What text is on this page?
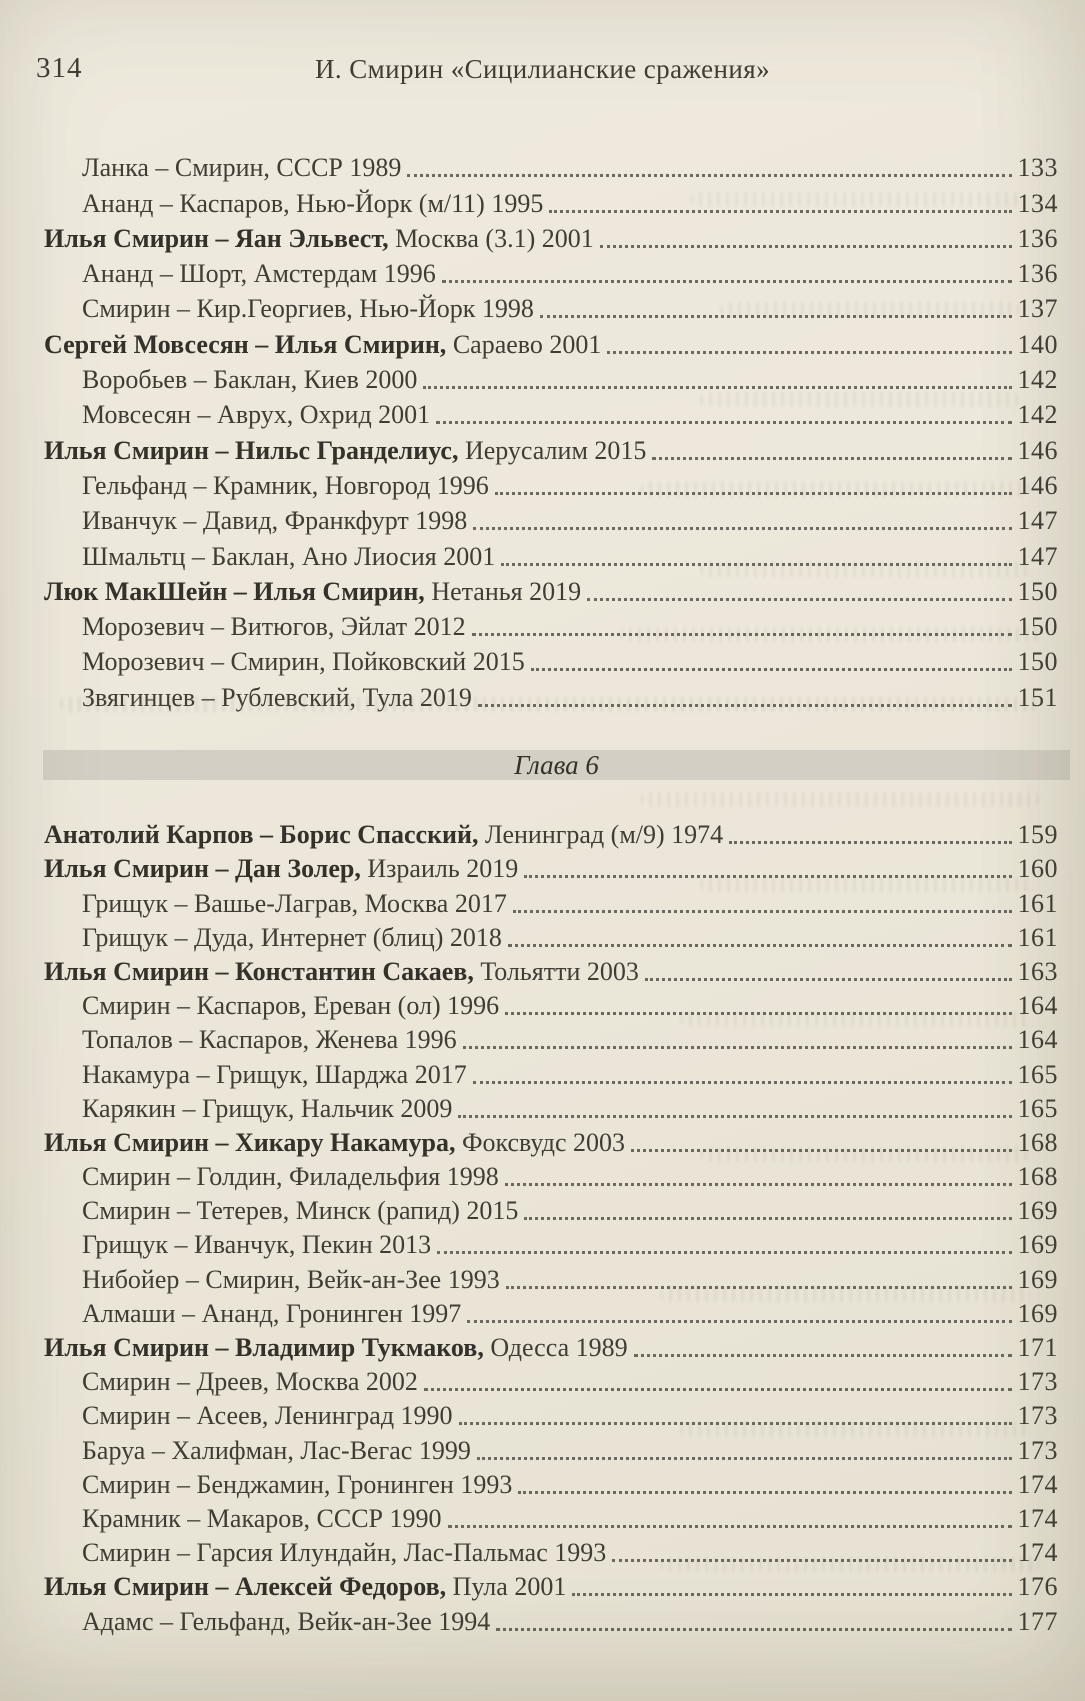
314	И. Смирин «Сицилианские сражения»
Ланка – Смирин, СССР 1989	133
Ананд – Каспаров, Нью-Йорк (м/11) 1995	134
Илья Смирин – Яан Эльвест, Москва (3.1) 2001	136
Ананд – Шорт, Амстердам 1996	136
Смирин – Кир.Георгиев, Нью-Йорк 1998	137
Сергей Мовсесян – Илья Смирин, Сараево 2001	140
Воробьев – Баклан, Киев 2000	142
Мовсесян – Аврух, Охрид 2001	142
Илья Смирин – Нильс Гранделиус, Иерусалим 2015	146
Гельфанд – Крамник, Новгород 1996	146
Иванчук – Давид, Франкфурт 1998	147
Шмальтц – Баклан, Ано Лиосия 2001	147
Люк МакШейн – Илья Смирин, Нетанья 2019	150
Морозевич – Витюгов, Эйлат 2012	150
Морозевич – Смирин, Пойковский 2015	150
Звягинцев – Рублевский, Тула 2019	151
Глава 6
Анатолий Карпов – Борис Спасский, Ленинград (м/9) 1974	159
Илья Смирин – Дан Золер, Израиль 2019	160
Грищук – Вашье-Лаграв, Москва 2017	161
Грищук – Дуда, Интернет (блиц) 2018	161
Илья Смирин – Константин Сакаев, Тольятти 2003	163
Смирин – Каспаров, Ереван (ол) 1996	164
Топалов – Каспаров, Женева 1996	164
Накамура – Грищук, Шарджа 2017	165
Карякин – Грищук, Нальчик 2009	165
Илья Смирин – Хикару Накамура, Фоксвудс 2003	168
Смирин – Голдин, Филадельфия 1998	168
Смирин – Тетерев, Минск (рапид) 2015	169
Грищук – Иванчук, Пекин 2013	169
Нибойер – Смирин, Вейк-ан-Зее 1993	169
Алмаши – Ананд, Гронинген 1997	169
Илья Смирин – Владимир Тукмаков, Одесса 1989	171
Смирин – Дреев, Москва 2002	173
Смирин – Асеев, Ленинград 1990	173
Баруа – Халифман, Лас-Вегас 1999	173
Смирин – Бенджамин, Гронинген 1993	174
Крамник – Макаров, СССР 1990	174
Смирин – Гарсия Илундайн, Лас-Пальмас 1993	174
Илья Смирин – Алексей Федоров, Пула 2001	176
Адамс – Гельфанд, Вейк-ан-Зее 1994	177
